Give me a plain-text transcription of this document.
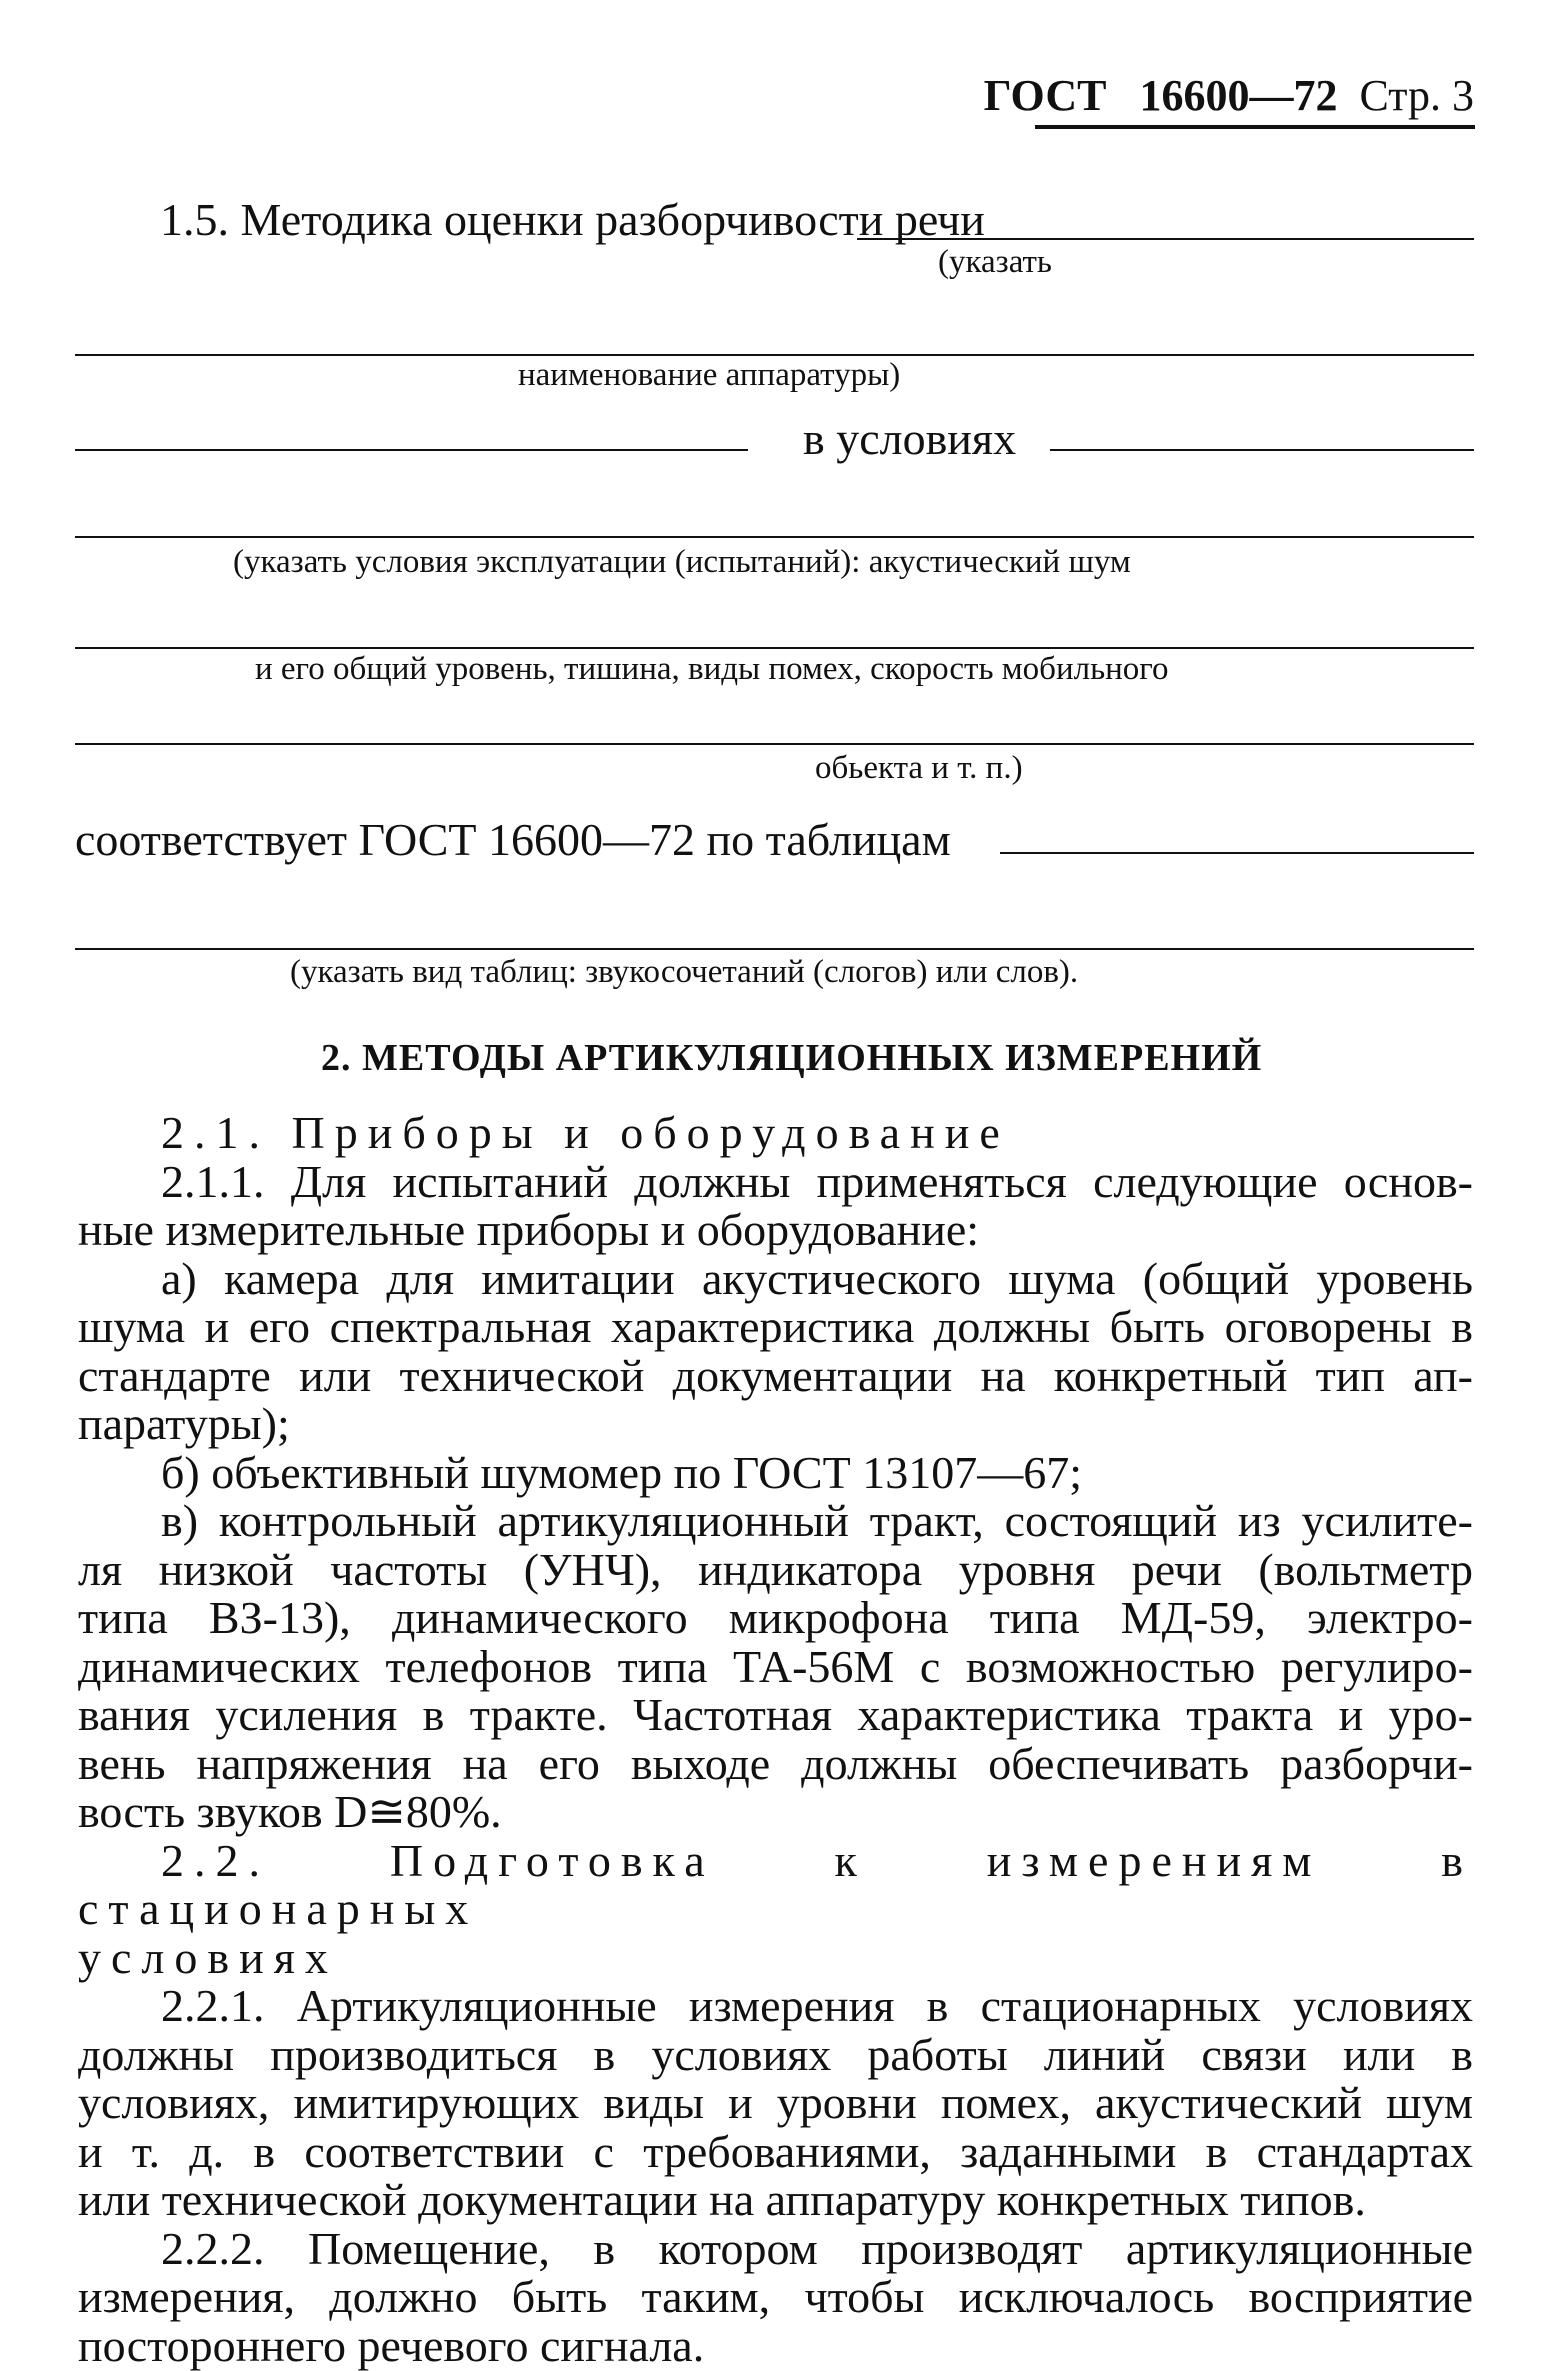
ГОСТ 16600—72 Стр. 3
1.5. Методика оценки разборчивости речи
(указать
наименование аппаратуры)
в условиях
(указать условия эксплуатации (испытаний): акустический шум
и его общий уровень, тишина, виды помех, скорость мобильного
обьекта и т. п.)
соответствует ГОСТ 16600—72 по таблицам
(указать вид таблиц: звукосочетаний (слогов) или слов).
2. МЕТОДЫ АРТИКУЛЯЦИОННЫХ ИЗМЕРЕНИЙ

2.1. Приборы и оборудование

2.1.1. Для испытаний должны применяться следующие основ-

ные измерительные приборы и оборудование:

а) камера для имитации акустического шума (общий уровень

шума и его спектральная характеристика должны быть оговорены в

стандарте или технической документации на конкретный тип ап-

паратуры);

б) объективный шумомер по ГОСТ 13107—67;

в) контрольный артикуляционный тракт, состоящий из усилите-

ля низкой частоты (УНЧ), индикатора уровня речи (вольтметр

типа ВЗ-13), динамического микрофона типа МД-59, электро-

динамических телефонов типа ТА-56М с возможностью регулиро-

вания усиления в тракте. Частотная характеристика тракта и уро-

вень напряжения на его выходе должны обеспечивать разборчи-

вость звуков D≅80%.

2.2. Подготовка к измерениям в стационарных

условиях

2.2.1. Артикуляционные измерения в стационарных условиях

должны производиться в условиях работы линий связи или в

условиях, имитирующих виды и уровни помех, акустический шум

и т. д. в соответствии с требованиями, заданными в стандартах

или технической документации на аппаратуру конкретных типов.

2.2.2. Помещение, в котором производят артикуляционные

измерения, должно быть таким, чтобы исключалось восприятие

постороннего речевого сигнала.
